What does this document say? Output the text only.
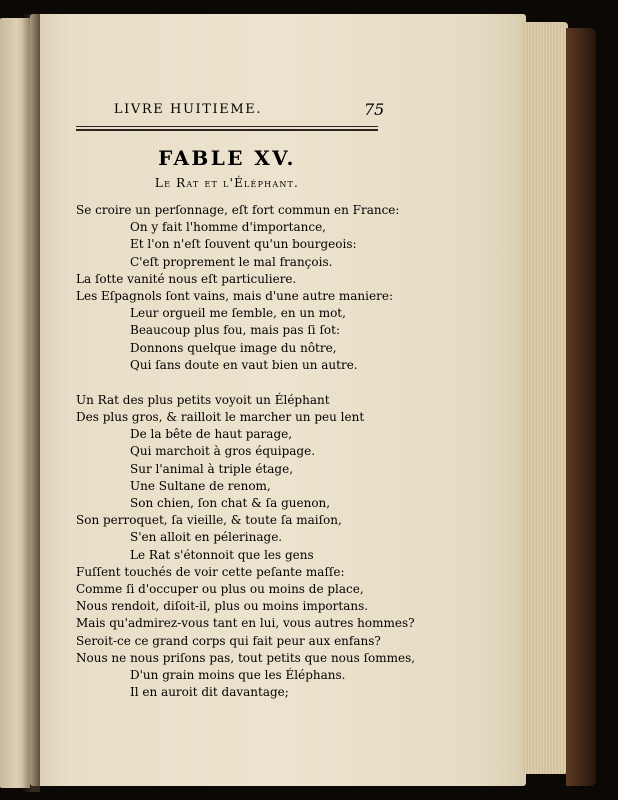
LIVRE HUITIEME.	75
FABLE XV.
Le Rat et l'Éléphant.
Se croire un perſonnage, eſt fort commun en France:
On y fait l'homme d'importance,
Et l'on n'eſt ſouvent qu'un bourgeois:
C'eſt proprement le mal françois.
La ſotte vanité nous eſt particuliere.
Les Eſpagnols ſont vains, mais d'une autre maniere:
Leur orgueil me ſemble, en un mot,
Beaucoup plus fou, mais pas ſi ſot:
Donnons quelque image du nôtre,
Qui ſans doute en vaut bien un autre.
Un Rat des plus petits voyoit un Éléphant
Des plus gros, & railloit le marcher un peu lent
De la bête de haut parage,
Qui marchoit à gros équipage.
Sur l'animal à triple étage,
Une Sultane de renom,
Son chien, ſon chat & ſa guenon,
Son perroquet, ſa vieille, & toute ſa maiſon,
S'en alloit en pélerinage.
Le Rat s'étonnoit que les gens
Fuſſent touchés de voir cette peſante maſſe:
Comme ſi d'occuper ou plus ou moins de place,
Nous rendoit, diſoit-il, plus ou moins importans.
Mais qu'admirez-vous tant en lui, vous autres hommes?
Seroit-ce ce grand corps qui fait peur aux enfans?
Nous ne nous priſons pas, tout petits que nous ſommes,
D'un grain moins que les Éléphans.
Il en auroit dit davantage;
